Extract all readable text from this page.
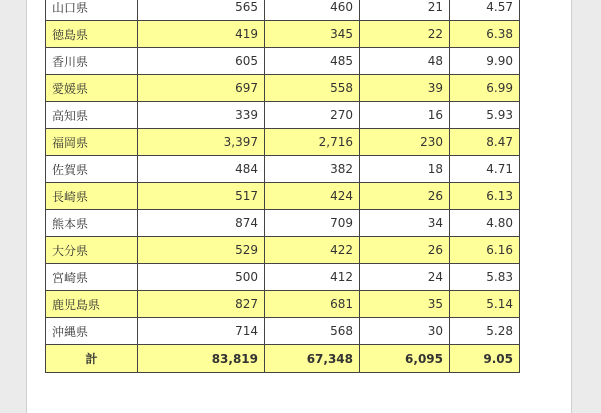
山口県	565	460	21	4.57
徳島県	419	345	22	6.38
香川県	605	485	48	9.90
愛媛県	697	558	39	6.99
高知県	339	270	16	5.93
福岡県	3,397	2,716	230	8.47
佐賀県	484	382	18	4.71
長崎県	517	424	26	6.13
熊本県	874	709	34	4.80
大分県	529	422	26	6.16
宮崎県	500	412	24	5.83
鹿児島県	827	681	35	5.14
沖縄県	714	568	30	5.28
計	83,819	67,348	6,095	9.05
